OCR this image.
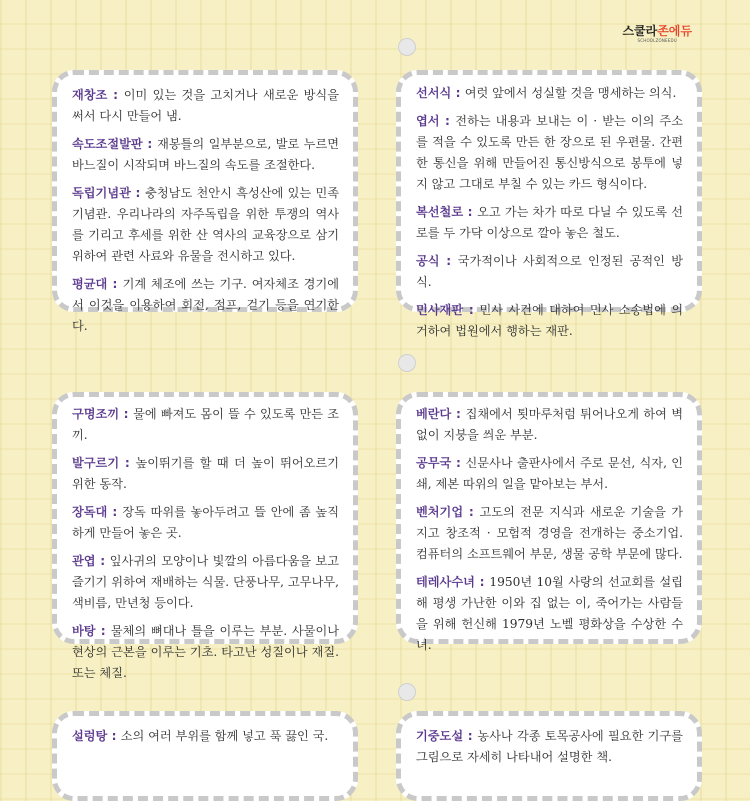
스쿨라존에듀
SCHOOLZONEEDU

재창조 : 이미 있는 것을 고치거나 새로운 방식을 써서 다시 만들어 냄.

속도조절발판 : 재봉틀의 일부분으로, 발로 누르면 바느질이 시작되며 바느질의 속도를 조절한다.

독립기념관 : 충청남도 천안시 흑성산에 있는 민족 기념관. 우리나라의 자주독립을 위한 투쟁의 역사를 기리고 후세를 위한 산 역사의 교육장으로 삼기 위하여 관련 사료와 유물을 전시하고 있다.

평균대 : 기계 체조에 쓰는 기구. 여자체조 경기에서 이것을 이용하여 회전, 점프, 걷기 등을 연기한다.

선서식 : 여럿 앞에서 성실할 것을 맹세하는 의식.

엽서 : 전하는 내용과 보내는 이 · 받는 이의 주소를 적을 수 있도록 만든 한 장으로 된 우편물. 간편한 통신을 위해 만들어진 통신방식으로 봉투에 넣지 않고 그대로 부칠 수 있는 카드 형식이다.

복선철로 : 오고 가는 차가 따로 다닐 수 있도록 선로를 두 가닥 이상으로 깔아 놓은 철도.

공식 : 국가적이나 사회적으로 인정된 공적인 방식.

민사재판 : 민사 사건에 대하여 민사 소송법에 의거하여 법원에서 행하는 재판.

구명조끼 : 물에 빠져도 몸이 뜰 수 있도록 만든 조끼.

발구르기 : 높이뛰기를 할 때 더 높이 뛰어오르기 위한 동작.

장독대 : 장독 따위를 놓아두려고 뜰 안에 좀 높직하게 만들어 놓은 곳.

관엽 : 잎사귀의 모양이나 빛깔의 아름다움을 보고 즐기기 위하여 재배하는 식물. 단풍나무, 고무나무, 색비름, 만년청 등이다.

바탕 : 물체의 뼈대나 틀을 이루는 부분. 사물이나 현상의 근본을 이루는 기초. 타고난 성질이나 재질. 또는 체질.

베란다 : 집채에서 툇마루처럼 튀어나오게 하여 벽 없이 지붕을 씌운 부분.

공무국 : 신문사나 출판사에서 주로 문선, 식자, 인쇄, 제본 따위의 일을 맡아보는 부서.

벤처기업 : 고도의 전문 지식과 새로운 기술을 가지고 창조적 · 모험적 경영을 전개하는 중소기업. 컴퓨터의 소프트웨어 부문, 생물 공학 부문에 많다.

테레사수녀 : 1950년 10월 사랑의 선교회를 설립해 평생 가난한 이와 집 없는 이, 죽어가는 사람들을 위해 헌신해 1979년 노벨 평화상을 수상한 수녀.

설렁탕 : 소의 여러 부위를 함께 넣고 푹 끓인 국.	기중도설 : 농사나 각종 토목공사에 필요한 기구를 그림으로 자세히 나타내어 설명한 책.
